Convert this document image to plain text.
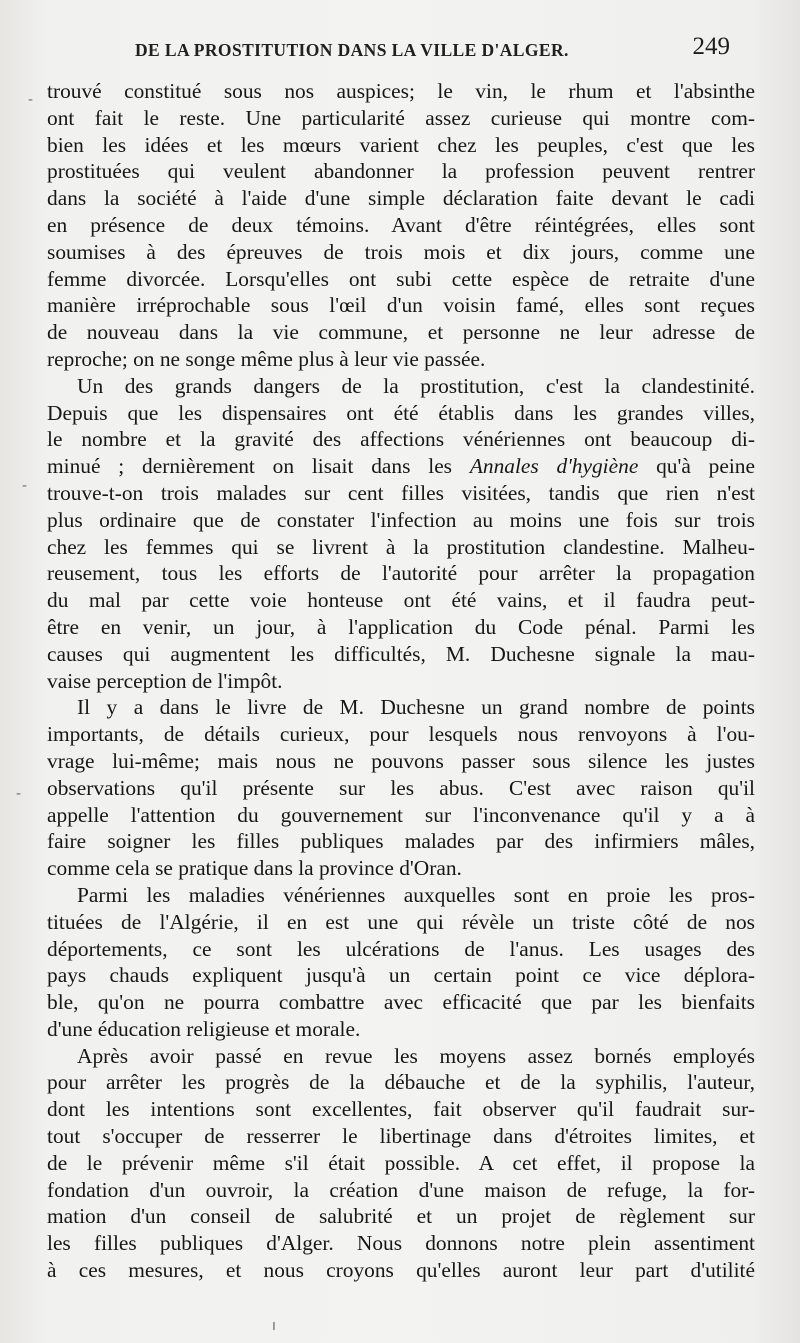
DE LA PROSTITUTION DANS LA VILLE D'ALGER.	249
trouvé constitué sous nos auspices; le vin, le rhum et l'absinthe
ont fait le reste. Une particularité assez curieuse qui montre com-
bien les idées et les mœurs varient chez les peuples, c'est que les
prostituées qui veulent abandonner la profession peuvent rentrer
dans la société à l'aide d'une simple déclaration faite devant le cadi
en présence de deux témoins. Avant d'être réintégrées, elles sont
soumises à des épreuves de trois mois et dix jours, comme une
femme divorcée. Lorsqu'elles ont subi cette espèce de retraite d'une
manière irréprochable sous l'œil d'un voisin famé, elles sont reçues
de nouveau dans la vie commune, et personne ne leur adresse de
reproche; on ne songe même plus à leur vie passée.
Un des grands dangers de la prostitution, c'est la clandestinité.
Depuis que les dispensaires ont été établis dans les grandes villes,
le nombre et la gravité des affections vénériennes ont beaucoup di-
minué ; dernièrement on lisait dans les Annales d'hygiène qu'à peine
trouve-t-on trois malades sur cent filles visitées, tandis que rien n'est
plus ordinaire que de constater l'infection au moins une fois sur trois
chez les femmes qui se livrent à la prostitution clandestine. Malheu-
reusement, tous les efforts de l'autorité pour arrêter la propagation
du mal par cette voie honteuse ont été vains, et il faudra peut-
être en venir, un jour, à l'application du Code pénal. Parmi les
causes qui augmentent les difficultés, M. Duchesne signale la mau-
vaise perception de l'impôt.
Il y a dans le livre de M. Duchesne un grand nombre de points
importants, de détails curieux, pour lesquels nous renvoyons à l'ou-
vrage lui-même; mais nous ne pouvons passer sous silence les justes
observations qu'il présente sur les abus. C'est avec raison qu'il
appelle l'attention du gouvernement sur l'inconvenance qu'il y a à
faire soigner les filles publiques malades par des infirmiers mâles,
comme cela se pratique dans la province d'Oran.
Parmi les maladies vénériennes auxquelles sont en proie les pros-
tituées de l'Algérie, il en est une qui révèle un triste côté de nos
déportements, ce sont les ulcérations de l'anus. Les usages des
pays chauds expliquent jusqu'à un certain point ce vice déplora-
ble, qu'on ne pourra combattre avec efficacité que par les bienfaits
d'une éducation religieuse et morale.
Après avoir passé en revue les moyens assez bornés employés
pour arrêter les progrès de la débauche et de la syphilis, l'auteur,
dont les intentions sont excellentes, fait observer qu'il faudrait sur-
tout s'occuper de resserrer le libertinage dans d'étroites limites, et
de le prévenir même s'il était possible. A cet effet, il propose la
fondation d'un ouvroir, la création d'une maison de refuge, la for-
mation d'un conseil de salubrité et un projet de règlement sur
les filles publiques d'Alger. Nous donnons notre plein assentiment
à ces mesures, et nous croyons qu'elles auront leur part d'utilité
-
-
-
ı
